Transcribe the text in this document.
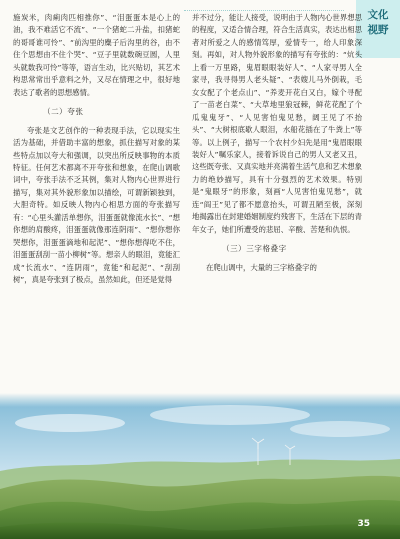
文化
视野

施炭米，肉痢肉匹相推你”、“泪蛋蛋本是心上的油，我不难活它不流”、“一个猪蛇二升盐，扣猪蛇的哥哥谁可怜”、“前沟里的麋子后沟里的谷，由不住个思想由不住个哭”、“豆子里就数碗豆圆，人里头就数我可怜”等等，语言生动，比兴贴切，其艺术构思常常出乎意料之外，又尽在情理之中，很好地表达了歌者的思想感情。

（二）夸张

夸张是文艺创作的一种表现手法，它以现实生活为基础，并借助丰富的想象，抓住描写对象的某些特点加以夸大和强调，以突出所反映事物的本质特征。任何艺术都离不开夸张和想象，在爬山调歌词中，夸张手法不乏其例，集对人物内心世界进行描写，集对其外貌形象加以描绘，可谓新颖独到，大胆奇特。如反映人物内心相思方面的夸张描写有：“心里头灌活单想你，泪蛋蛋就像流水长”、“想你想的肩酸疼，泪蛋蛋就像那连阴雨”、“想你想你哭想你，泪蛋蛋滴地和起泥”、“想你想得吃不住，泪蛋蛋刮刮一苗小柳树”等。想亲人的眼泪，竟能汇成“长流水”、“连阴雨”，竟能“和起泥”、“刮刮树”，真是夸张到了极点，虽然如此，但还是觉得

并不过分，能让人接受，说明由于人物内心世界想思的程度，又适合情合理，符合生活真实，表达出相思者对所爱之人的感情笃厚，爱情专一，给人印象深刻。再如，对人物外貌形象的描写有夸张的：“炕头上看一万里路，鬼眉眼眼装好人”、“人家寻男人全家寻，我寻得男人老头疑”、“表嫂儿马外倒栽，毛女女配了个老点山”、“养麦开花白又白，嫁个寻配了一苗老白菜”、“大草地里狼冠棘，鲜花花配了个瓜鬼鬼牙”、“人见害怕鬼见愁，阔王见了不抬头”、“大树根底歇人眼泪，水船花插在了牛粪上”等等。以上例子，描写一个农村少妇先是用“鬼眉眼眼装好人”嘱乐家人，接着诉说自己的男人又老又丑，这些既夸张、又真实地并亮满着生活气息和艺术想象力的绝妙描写，具有十分强烈的艺术效果。特别是“鬼眼牙”的形象，刻画“人见害怕鬼见愁”，就连“阎王”见了都不愿意抬头，可谓丑陋至极，深刻地揭露出在封建婚姻制度约残害下，生活在下层的青年女子，她们所遭受的悲屈、辛酸、苦楚和仇恨。

（三）三字格叠字

在爬山调中，大量的三字格叠字的

35
